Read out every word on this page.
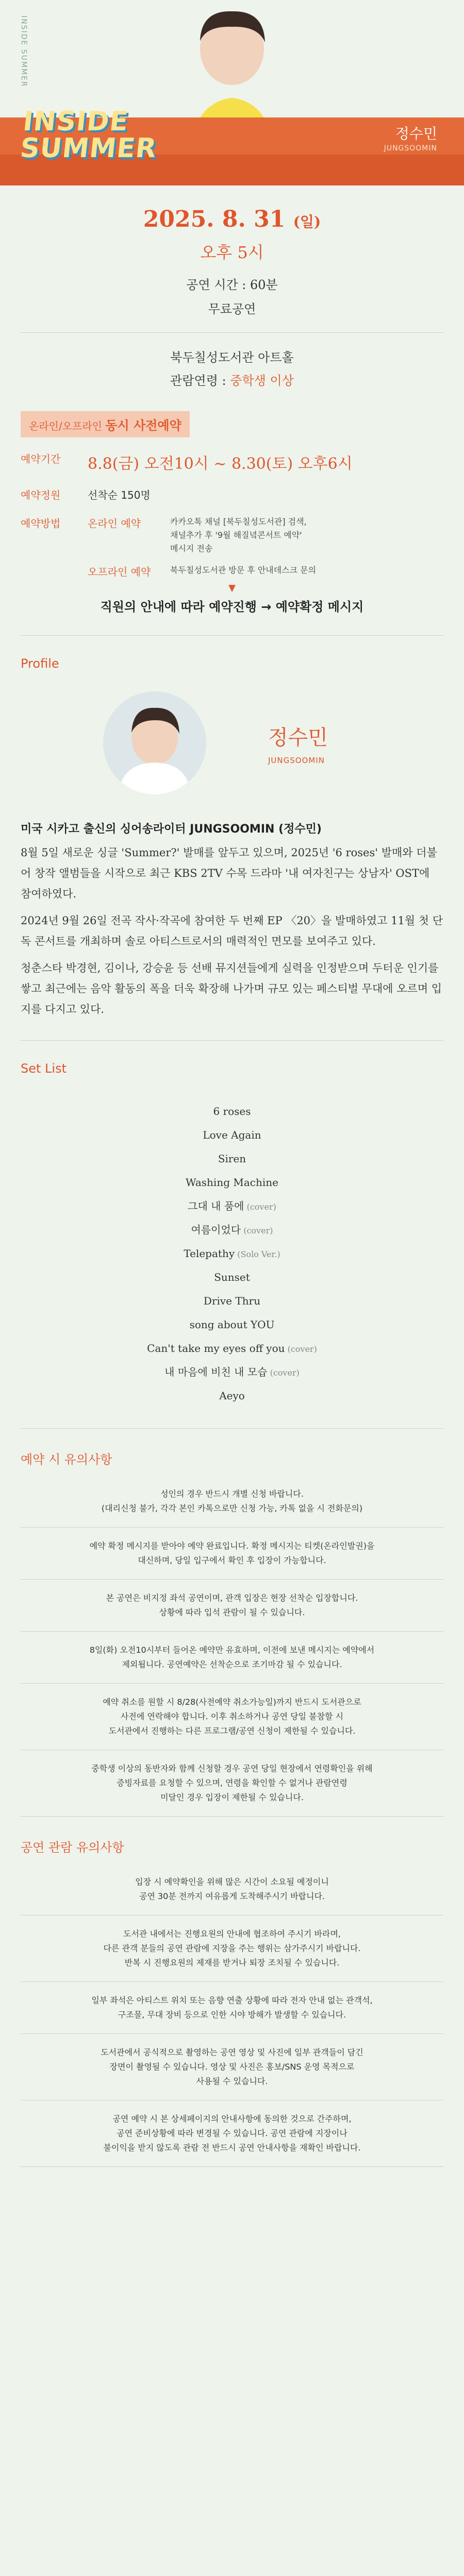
INSIDE SUMMER
INSIDE
SUMMER	정수민
JUNGSOOMIN
2025. 8. 31 (일)
오후 5시
공연 시간 : 60분
무료공연
북두칠성도서관 아트홀
관람연령 : 중학생 이상
온라인/오프라인 동시 사전예약
예약기간	8.8(금) 오전10시 ~ 8.30(토) 오후6시
예약정원	선착순 150명
예약방법	온라인 예약	카카오톡 채널 [북두칠성도서관] 검색,
채널추가 후 '9월 해질녘콘서트 예약'
메시지 전송
오프라인 예약	북두칠성도서관 방문 후 안내데스크 문의
▼
직원의 안내에 따라 예약진행 → 예약확정 메시지
Profile
정수민
JUNGSOOMIN
미국 시카고 출신의 싱어송라이터 JUNGSOOMIN (정수민)

8월 5일 새로운 싱글 'Summer?' 발매를 앞두고 있으며, 2025년 '6 roses' 발매와 더불어 창작 앨범들을 시작으로 최근 KBS 2TV 수목 드라마 '내 여자친구는 상남자' OST에 참여하였다.

2024년 9월 26일 전곡 작사·작곡에 참여한 두 번째 EP 〈20〉을 발매하였고 11월 첫 단독 콘서트를 개최하며 솔로 아티스트로서의 매력적인 면모를 보여주고 있다.

청춘스타 박경현, 김이나, 강승윤 등 선배 뮤지션들에게 실력을 인정받으며 두터운 인기를 쌓고 최근에는 음악 활동의 폭을 더욱 확장해 나가며 규모 있는 페스티벌 무대에 오르며 입지를 다지고 있다.

Set List
6 roses
Love Again
Siren
Washing Machine
그대 내 품에 (cover)
여름이었다 (cover)
Telepathy (Solo Ver.)
Sunset
Drive Thru
song about YOU
Can't take my eyes off you (cover)
내 마음에 비친 내 모습 (cover)
Aeyo
예약 시 유의사항
성인의 경우 반드시 개별 신청 바랍니다.
(대리신청 불가, 각각 본인 카톡으로만 신청 가능, 카톡 없을 시 전화문의)
예약 확정 메시지를 받아야 예약 완료입니다. 확정 메시지는 티켓(온라인발권)을
대신하며, 당일 입구에서 확인 후 입장이 가능합니다.
본 공연은 비지정 좌석 공연이며, 관객 입장은 현장 선착순 입장합니다.
상황에 따라 입석 관람이 될 수 있습니다.
8일(화) 오전10시부터 들어온 예약만 유효하며, 이전에 보낸 메시지는 예약에서
제외됩니다. 공연예약은 선착순으로 조기마감 될 수 있습니다.
예약 취소를 원할 시 8/28(사전예약 취소가능일)까지 반드시 도서관으로
사전에 연락해야 합니다. 이후 취소하거나 공연 당일 불참할 시
도서관에서 진행하는 다른 프로그램/공연 신청이 제한될 수 있습니다.
중학생 이상의 동반자와 함께 신청할 경우 공연 당일 현장에서 연령확인을 위해
증빙자료를 요청할 수 있으며, 연령을 확인할 수 없거나 관람연령
미달인 경우 입장이 제한될 수 있습니다.
공연 관람 유의사항
입장 시 예약확인을 위해 많은 시간이 소요될 예정이니
공연 30분 전까지 여유롭게 도착해주시기 바랍니다.
도서관 내에서는 진행요원의 안내에 협조하여 주시기 바라며,
다른 관객 분들의 공연 관람에 지장을 주는 행위는 삼가주시기 바랍니다.
반복 시 진행요원의 제재를 받거나 퇴장 조치될 수 있습니다.
일부 좌석은 아티스트 위치 또는 음향 연출 상황에 따라 전자 안내 없는 관객석,
구조물, 무대 장비 등으로 인한 시야 방해가 발생할 수 있습니다.
도서관에서 공식적으로 촬영하는 공연 영상 및 사진에 일부 관객들이 담긴
장면이 촬영될 수 있습니다. 영상 및 사진은 홍보/SNS 운영 목적으로
사용될 수 있습니다.
공연 예약 시 본 상세페이지의 안내사항에 동의한 것으로 간주하며,
공연 준비상황에 따라 변경될 수 있습니다. 공연 관람에 지장이나
불이익을 받지 않도록 관람 전 반드시 공연 안내사항을 재확인 바랍니다.
